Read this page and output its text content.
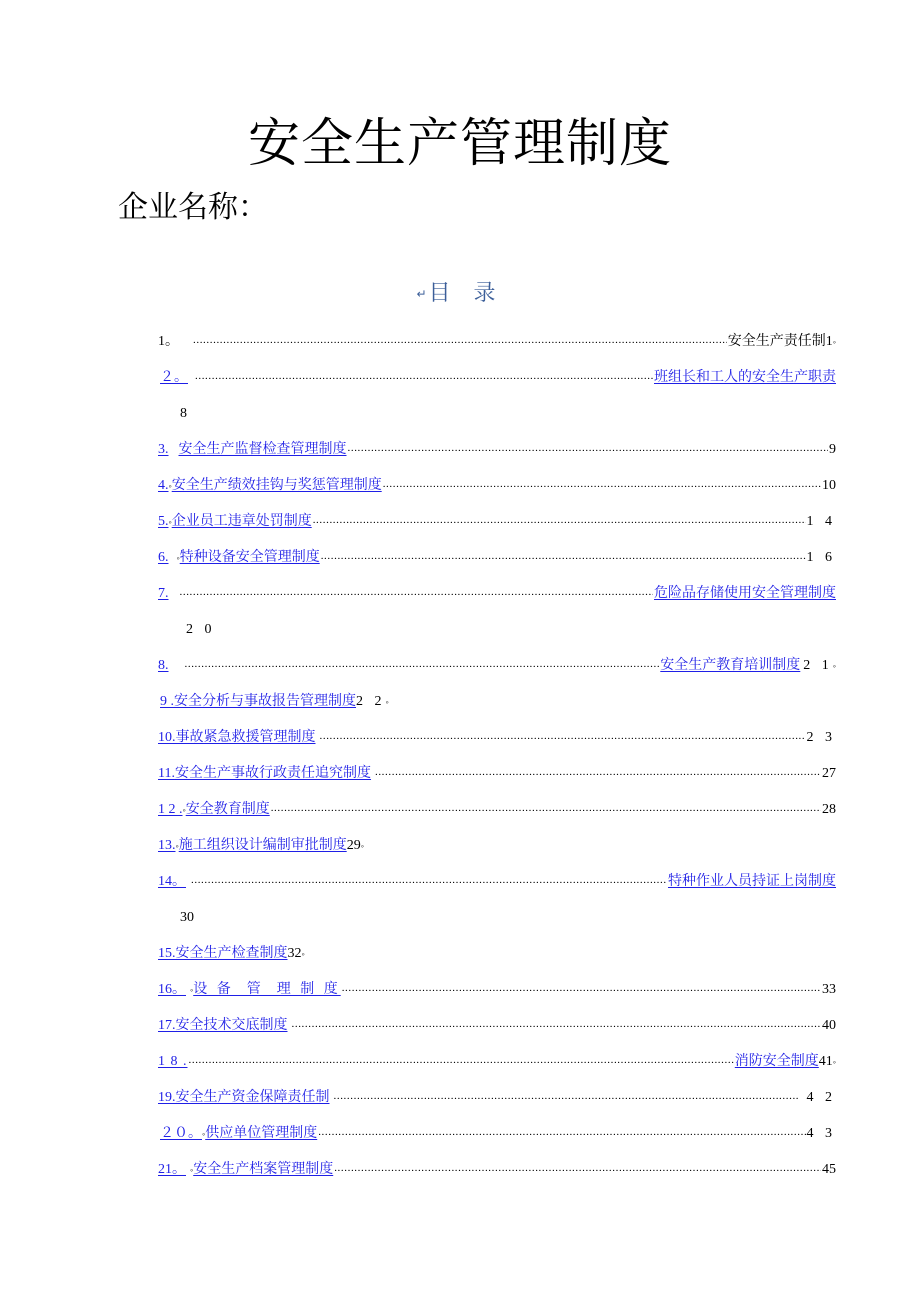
安全生产管理制度
企业名称：
↵目 录
1。 .....	安全生产责任制 1 ◦
２。 .....	班组长和工人的安全生产职责
8
3. 安全生产监督检查管理制度 .....	9
4. ◦ 安全生产绩效挂钩与奖惩管理制度 .....	10
5. ◦ 企业员工违章处罚制度 .....	1 4
6. ◦ 特种设备安全管理制度 .....	1 6
7. .....	危险品存储使用安全管理制度
2 0
8. .....	安全生产教育培训制度 2 1 ◦
9 . 安全分析与事故报告管理制度 2 2 ◦
10. 事故紧急救援管理制度 .....	2 3
11. 安全生产事故行政责任追究制度 .....	27
1 2 . ◦ 安全教育制度 .....	28
13. ◦ 施工组织设计编制审批制度 29 ◦
14。 .....	特种作业人员持证上岗制度
30
15. 安全生产检查制度 32 ◦
16。 ◦ 设 备  管  理 制 度 .....	33
17. 安全技术交底制度 .....	40
1 8 . .....	消防安全制度 41 ◦
19. 安全生产资金保障责任制 .....	4 2
２０。 ◦ 供应单位管理制度 .....	4 3
21。 ◦ 安全生产档案管理制度 .....	45
